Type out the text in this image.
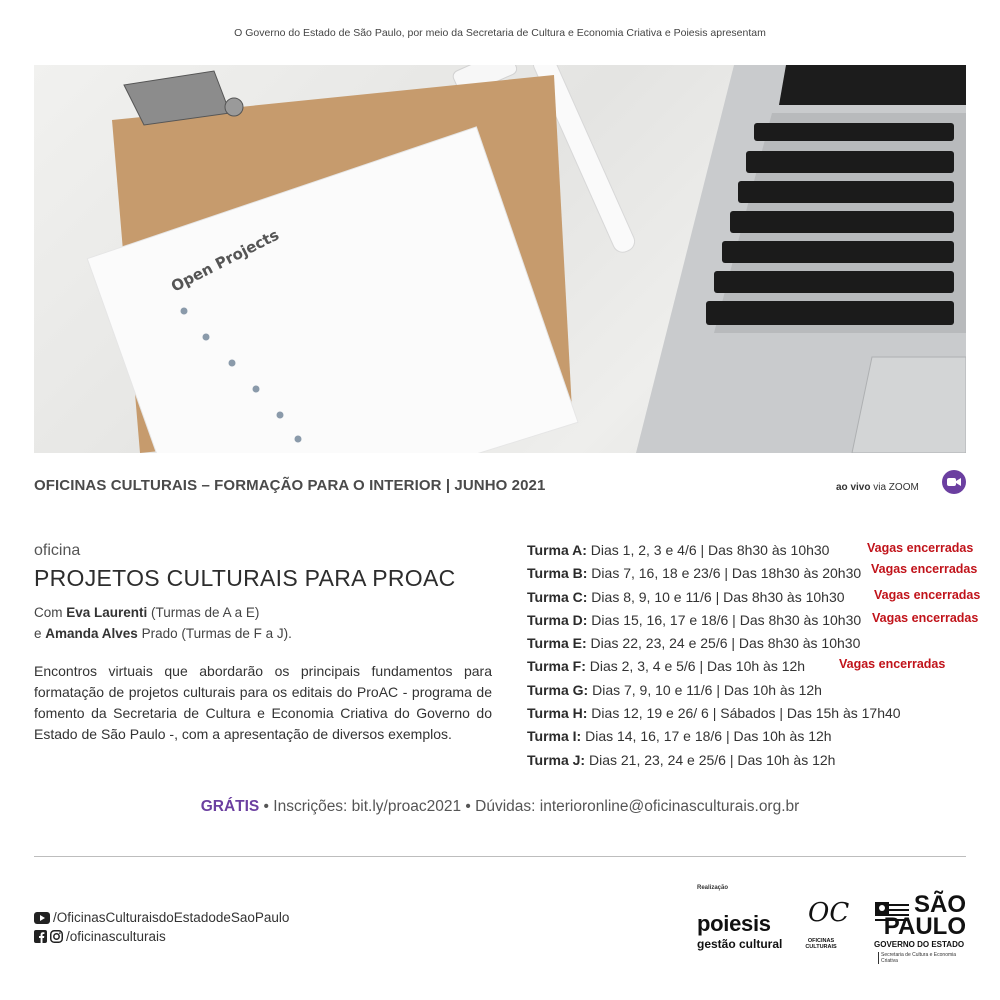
O Governo do Estado de São Paulo, por meio da Secretaria de Cultura e Economia Criativa e Poiesis apresentam
Open Projects
OFICINAS CULTURAIS – FORMAÇÃO PARA O INTERIOR | JUNHO 2021	ao vivo via ZOOM
oficina
PROJETOS CULTURAIS PARA PROAC
Com Eva Laurenti (Turmas de A a E)
e Amanda Alves Prado (Turmas de F a J).
Encontros virtuais que abordarão os principais fundamentos para formatação de projetos culturais para os editais do ProAC - programa de fomento da Secretaria de Cultura e Economia Criativa do Governo do Estado de São Paulo -, com a apresentação de diversos exemplos.
Turma A: Dias 1, 2, 3 e 4/6 | Das 8h30 às 10h30	Vagas encerradas
Turma B: Dias 7, 16, 18 e 23/6 | Das 18h30 às 20h30 Vagas encerradas
Turma C: Dias 8, 9, 10 e 11/6 | Das 8h30 às 10h30 Vagas encerradas
Turma D: Dias 15, 16, 17 e 18/6 | Das 8h30 às 10h30 Vagas encerradas
Turma E: Dias 22, 23, 24 e 25/6 | Das 8h30 às 10h30
Turma F: Dias 2, 3, 4 e 5/6 | Das 10h às 12h	Vagas encerradas
Turma G: Dias 7, 9, 10 e 11/6 | Das 10h às 12h
Turma H: Dias 12, 19 e 26/ 6 | Sábados | Das 15h às 17h40
Turma I: Dias 14, 16, 17 e 18/6 | Das 10h às 12h
Turma J: Dias 21, 23, 24 e 25/6 | Das 10h às 12h
GRÁTIS • Inscrições: bit.ly/proac2021 • Dúvidas: interioronline@oficinasculturais.org.br
/OficinasCulturaisdoEstadodeSaoPaulo
/oficinasculturais
Realização
poiesis
gestão cultural
OC
OFICINAS CULTURAIS
SÃO PAULO
GOVERNO DO ESTADO
Secretaria de Cultura e Economia Criativa
